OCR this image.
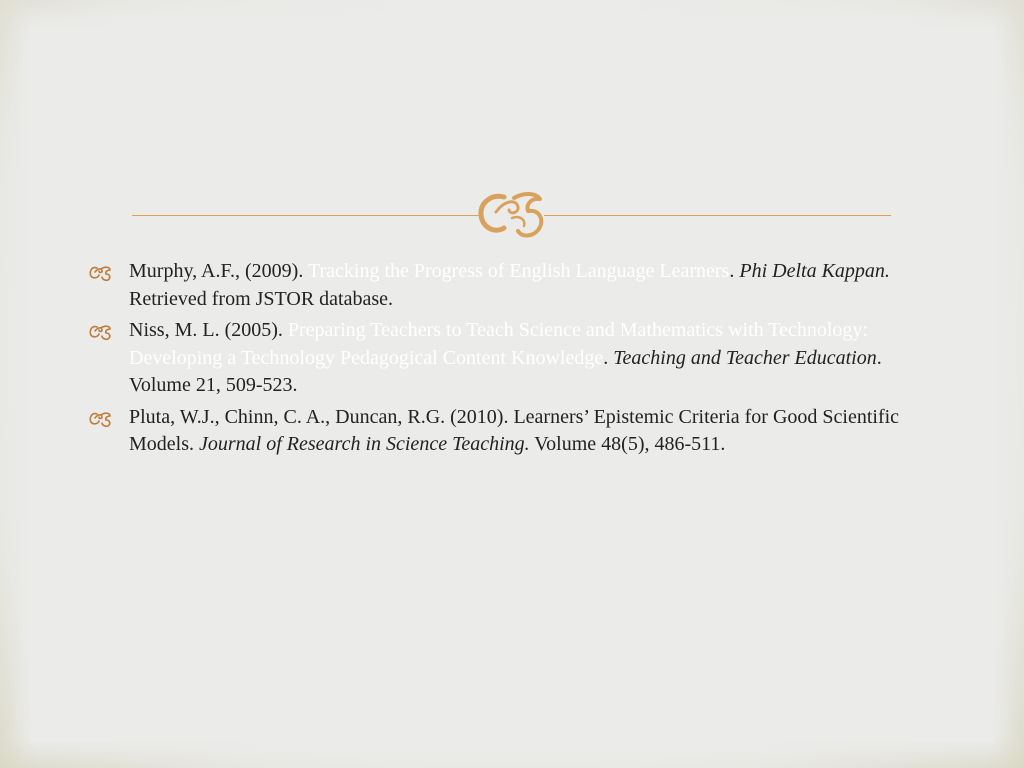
Murphy, A.F., (2009). Tracking the Progress of English Language Learners. Phi Delta Kappan. Retrieved from JSTOR database.
Niss, M. L. (2005). Preparing Teachers to Teach Science and Mathematics with Technology: Developing a Technology Pedagogical Content Knowledge. Teaching and Teacher Education. Volume 21, 509-523.
Pluta, W.J., Chinn, C. A., Duncan, R.G. (2010). Learners’ Epistemic Criteria for Good Scientific Models. Journal of Research in Science Teaching. Volume 48(5), 486-511.
